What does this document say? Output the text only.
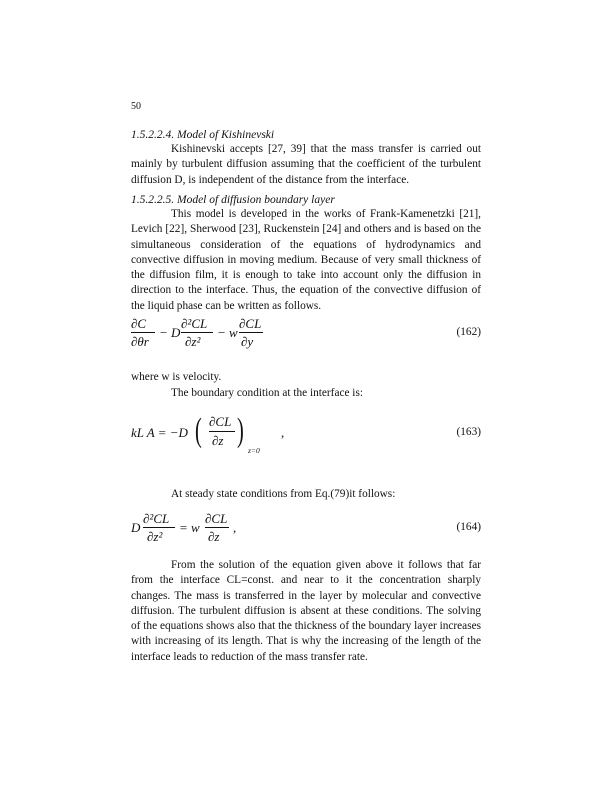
50
1.5.2.2.4. Model of Kishinevski

Kishinevski accepts [27, 39] that the mass transfer is carried out mainly by turbulent diffusion assuming that the coefficient of the turbulent diffusion D, is independent of the distance from the interface.

1.5.2.2.5. Model of diffusion boundary layer

This model is developed in the works of Frank-Kamenetzki [21], Levich [22], Sherwood [23], Ruckenstein [24] and others and is based on the simultaneous consideration of the equations of hydrodynamics and convective diffusion in moving medium. Because of very small thickness of the diffusion film, it is enough to take into account only the diffusion in direction to the interface. Thus, the equation of the convective diffusion of the liquid phase can be written as follows.

∂C
∂θr
− D
∂²CL
∂z²
− w
∂CL
∂y
(162)
where w is velocity.
The boundary condition at the interface is:
kL A = −D ( ∂CL
∂z )
z=0
,	(163)
At steady state conditions from Eq.(79)it follows:
D
∂²CL
∂z²
= w
∂CL
∂z
,	(164)

From the solution of the equation given above it follows that far from the interface CL=const. and near to it the concentration sharply changes. The mass is transferred in the layer by molecular and convective diffusion. The turbulent diffusion is absent at these conditions. The solving of the equations shows also that the thickness of the boundary layer increases with increasing of its length. That is why the increasing of the length of the interface leads to reduction of the mass transfer rate.
